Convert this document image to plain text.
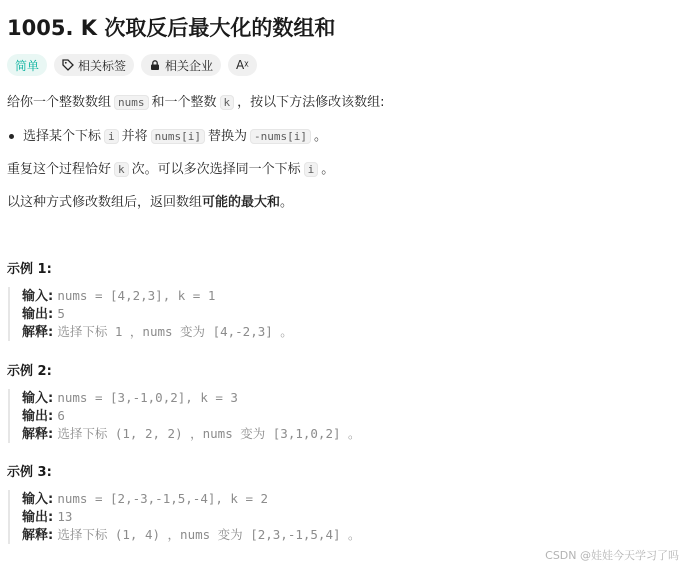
1005. K 次取反后最大化的数组和
简单	相关标签	相关企业 Aᵡ
给你一个整数数组 nums 和一个整数 k ，按以下方法修改该数组:
选择某个下标 i 并将 nums[i] 替换为 -nums[i] 。
重复这个过程恰好 k 次。可以多次选择同一个下标 i 。
以这种方式修改数组后，返回数组可能的最大和。
示例 1:
输入: nums = [4,2,3], k = 1
输出: 5
解释: 选择下标 1 ，nums 变为 [4,-2,3] 。
示例 2:
输入: nums = [3,-1,0,2], k = 3
输出: 6
解释: 选择下标 (1, 2, 2) ，nums 变为 [3,1,0,2] 。
示例 3:
输入: nums = [2,-3,-1,5,-4], k = 2
输出: 13
解释: 选择下标 (1, 4) ，nums 变为 [2,3,-1,5,4] 。
CSDN @娃娃今天学习了吗
